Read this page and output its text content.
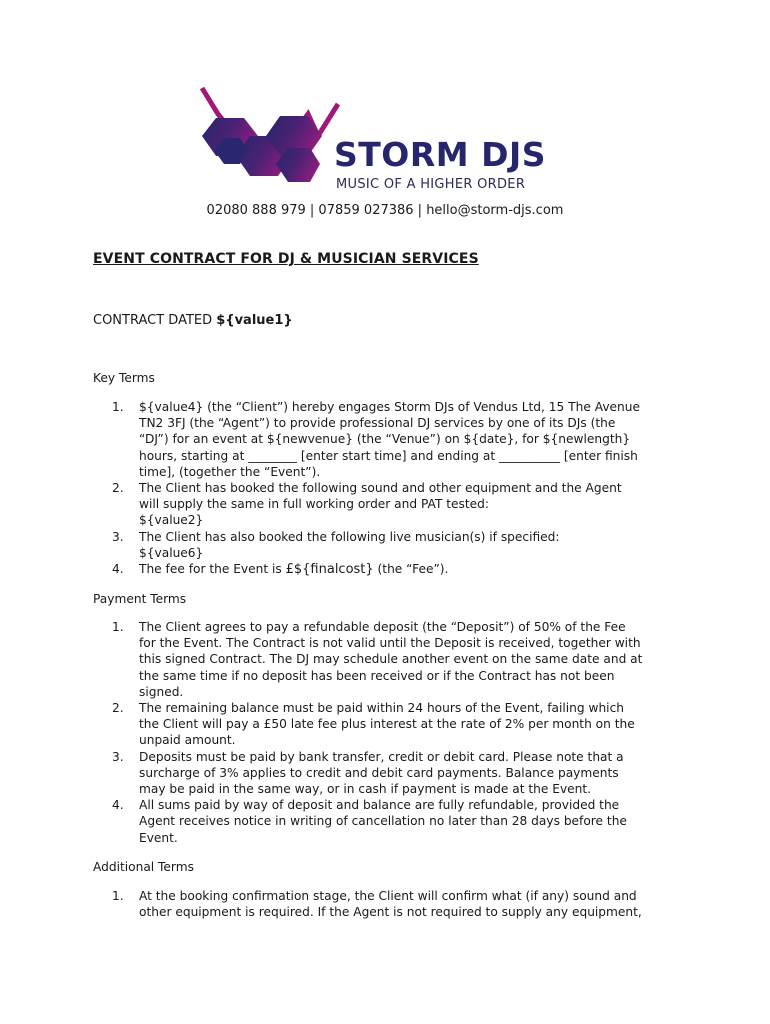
STORM DJS
MUSIC OF A HIGHER ORDER
02080 888 979 | 07859 027386 | hello@storm-djs.com
EVENT CONTRACT FOR DJ & MUSICIAN SERVICES
CONTRACT DATED ${value1}
Key Terms
1. ${value4} (the “Client”) hereby engages Storm DJs of Vendus Ltd, 15 The Avenue
TN2 3FJ (the “Agent”) to provide professional DJ services by one of its DJs (the
“DJ”) for an event at ${newvenue} (the “Venue”) on ${date}, for ${newlength}
hours, starting at ________ [enter start time] and ending at __________ [enter finish
time], (together the “Event”).
2. The Client has booked the following sound and other equipment and the Agent
will supply the same in full working order and PAT tested:
${value2}
3. The Client has also booked the following live musician(s) if specified:
${value6}
4. The fee for the Event is £${finalcost} (the “Fee”).
Payment Terms
1. The Client agrees to pay a refundable deposit (the “Deposit”) of 50% of the Fee
for the Event. The Contract is not valid until the Deposit is received, together with
this signed Contract. The DJ may schedule another event on the same date and at
the same time if no deposit has been received or if the Contract has not been
signed.
2. The remaining balance must be paid within 24 hours of the Event, failing which
the Client will pay a £50 late fee plus interest at the rate of 2% per month on the
unpaid amount.
3. Deposits must be paid by bank transfer, credit or debit card. Please note that a
surcharge of 3% applies to credit and debit card payments. Balance payments
may be paid in the same way, or in cash if payment is made at the Event.
4. All sums paid by way of deposit and balance are fully refundable, provided the
Agent receives notice in writing of cancellation no later than 28 days before the
Event.
Additional Terms
1. At the booking confirmation stage, the Client will confirm what (if any) sound and
other equipment is required. If the Agent is not required to supply any equipment,
